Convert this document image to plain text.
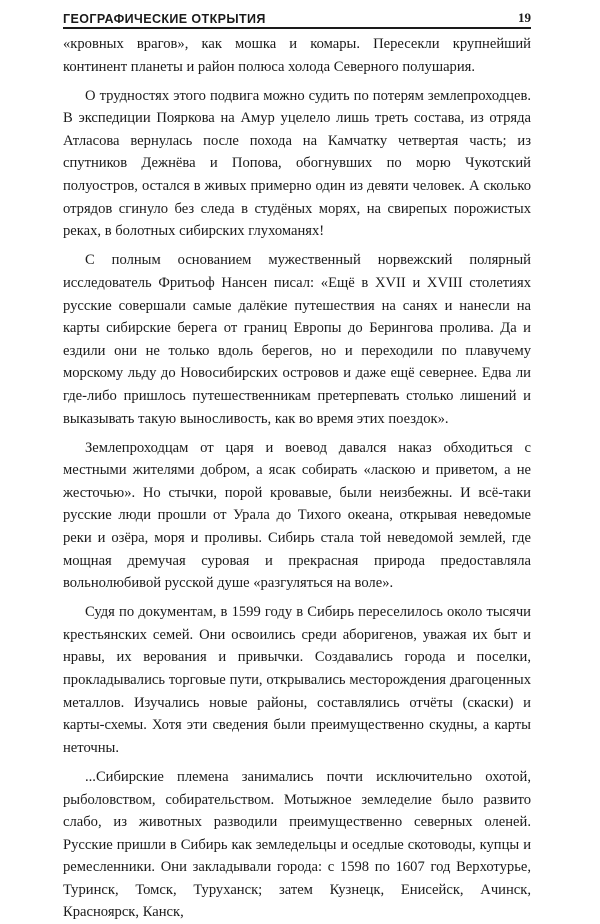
ГЕОГРАФИЧЕСКИЕ ОТКРЫТИЯ	19

«кровных врагов», как мошка и комары. Пересекли крупнейший континент планеты и район полюса холода Северного полушария.

О трудностях этого подвига можно судить по потерям землепроходцев. В экспедиции Пояркова на Амур уцелело лишь треть состава, из отряда Атласова вернулась после похода на Камчатку четвертая часть; из спутников Дежнёва и Попова, обогнувших по морю Чукотский полуостров, остался в живых примерно один из девяти человек. А сколько отрядов сгинуло без следа в студёных морях, на свирепых порожистых реках, в болотных сибирских глухоманях!

С полным основанием мужественный норвежский полярный исследователь Фритьоф Нансен писал: «Ещё в XVII и XVIII столетиях русские совершали самые далёкие путешествия на санях и нанесли на карты сибирские берега от границ Европы до Берингова пролива. Да и ездили они не только вдоль берегов, но и переходили по плавучему морскому льду до Новосибирских островов и даже ещё севернее. Едва ли где-либо пришлось путешественникам претерпевать столько лишений и выказывать такую выносливость, как во время этих поездок».

Землепроходцам от царя и воевод давался наказ обходиться с местными жителями добром, а ясак собирать «ласкою и приветом, а не жесточью». Но стычки, порой кровавые, были неизбежны. И всё-таки русские люди прошли от Урала до Тихого океана, открывая неведомые реки и озёра, моря и проливы. Сибирь стала той неведомой землей, где мощная дремучая суровая и прекрасная природа предоставляла вольнолюбивой русской душе «разгуляться на воле».

Судя по документам, в 1599 году в Сибирь переселилось около тысячи крестьянских семей. Они освоились среди аборигенов, уважая их быт и нравы, их верования и привычки. Создавались города и поселки, прокладывались торговые пути, открывались месторождения драгоценных металлов. Изучались новые районы, составлялись отчёты (скаски) и карты-схемы. Хотя эти сведения были преимущественно скудны, а карты неточны.

...Сибирские племена занимались почти исключительно охотой, рыболовством, собирательством. Мотыжное земледелие было развито слабо, из животных разводили преимущественно северных оленей. Русские пришли в Сибирь как земледельцы и оседлые скотоводы, купцы и ремесленники. Они закладывали города: с 1598 по 1607 год Верхотурье, Туринск, Томск, Туруханск; затем Кузнецк, Енисейск, Ачинск, Красноярск, Канск,
